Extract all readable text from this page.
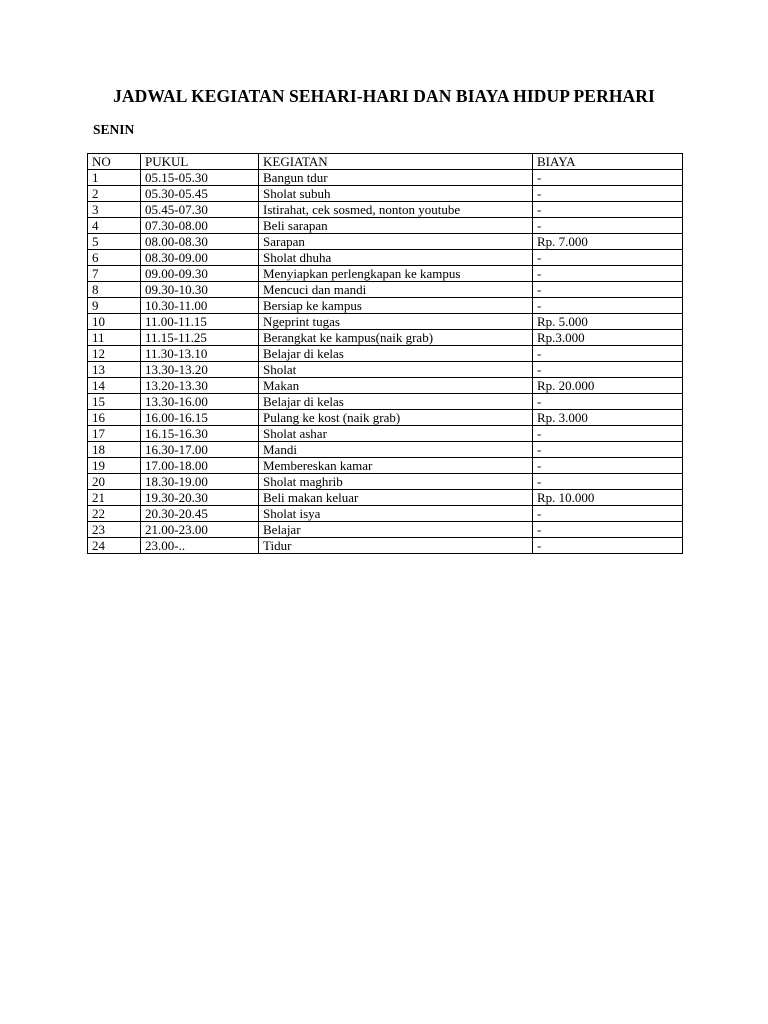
JADWAL KEGIATAN SEHARI-HARI DAN BIAYA HIDUP PERHARI
SENIN
NO	PUKUL	KEGIATAN	BIAYA
1	05.15-05.30	Bangun tdur	-
2	05.30-05.45	Sholat subuh	-
3	05.45-07.30	Istirahat, cek sosmed, nonton youtube	-
4	07.30-08.00	Beli sarapan	-
5	08.00-08.30	Sarapan	Rp. 7.000
6	08.30-09.00	Sholat dhuha	-
7	09.00-09.30	Menyiapkan perlengkapan ke kampus	-
8	09.30-10.30	Mencuci dan mandi	-
9	10.30-11.00	Bersiap ke kampus	-
10	11.00-11.15	Ngeprint tugas	Rp. 5.000
11	11.15-11.25	Berangkat ke kampus(naik grab)	Rp.3.000
12	11.30-13.10	Belajar di kelas	-
13	13.30-13.20	Sholat	-
14	13.20-13.30	Makan	Rp. 20.000
15	13.30-16.00	Belajar di kelas	-
16	16.00-16.15	Pulang ke kost (naik grab)	Rp. 3.000
17	16.15-16.30	Sholat ashar	-
18	16.30-17.00	Mandi	-
19	17.00-18.00	Membereskan kamar	-
20	18.30-19.00	Sholat maghrib	-
21	19.30-20.30	Beli makan keluar	Rp. 10.000
22	20.30-20.45	Sholat isya	-
23	21.00-23.00	Belajar	-
24	23.00-..	Tidur	-
